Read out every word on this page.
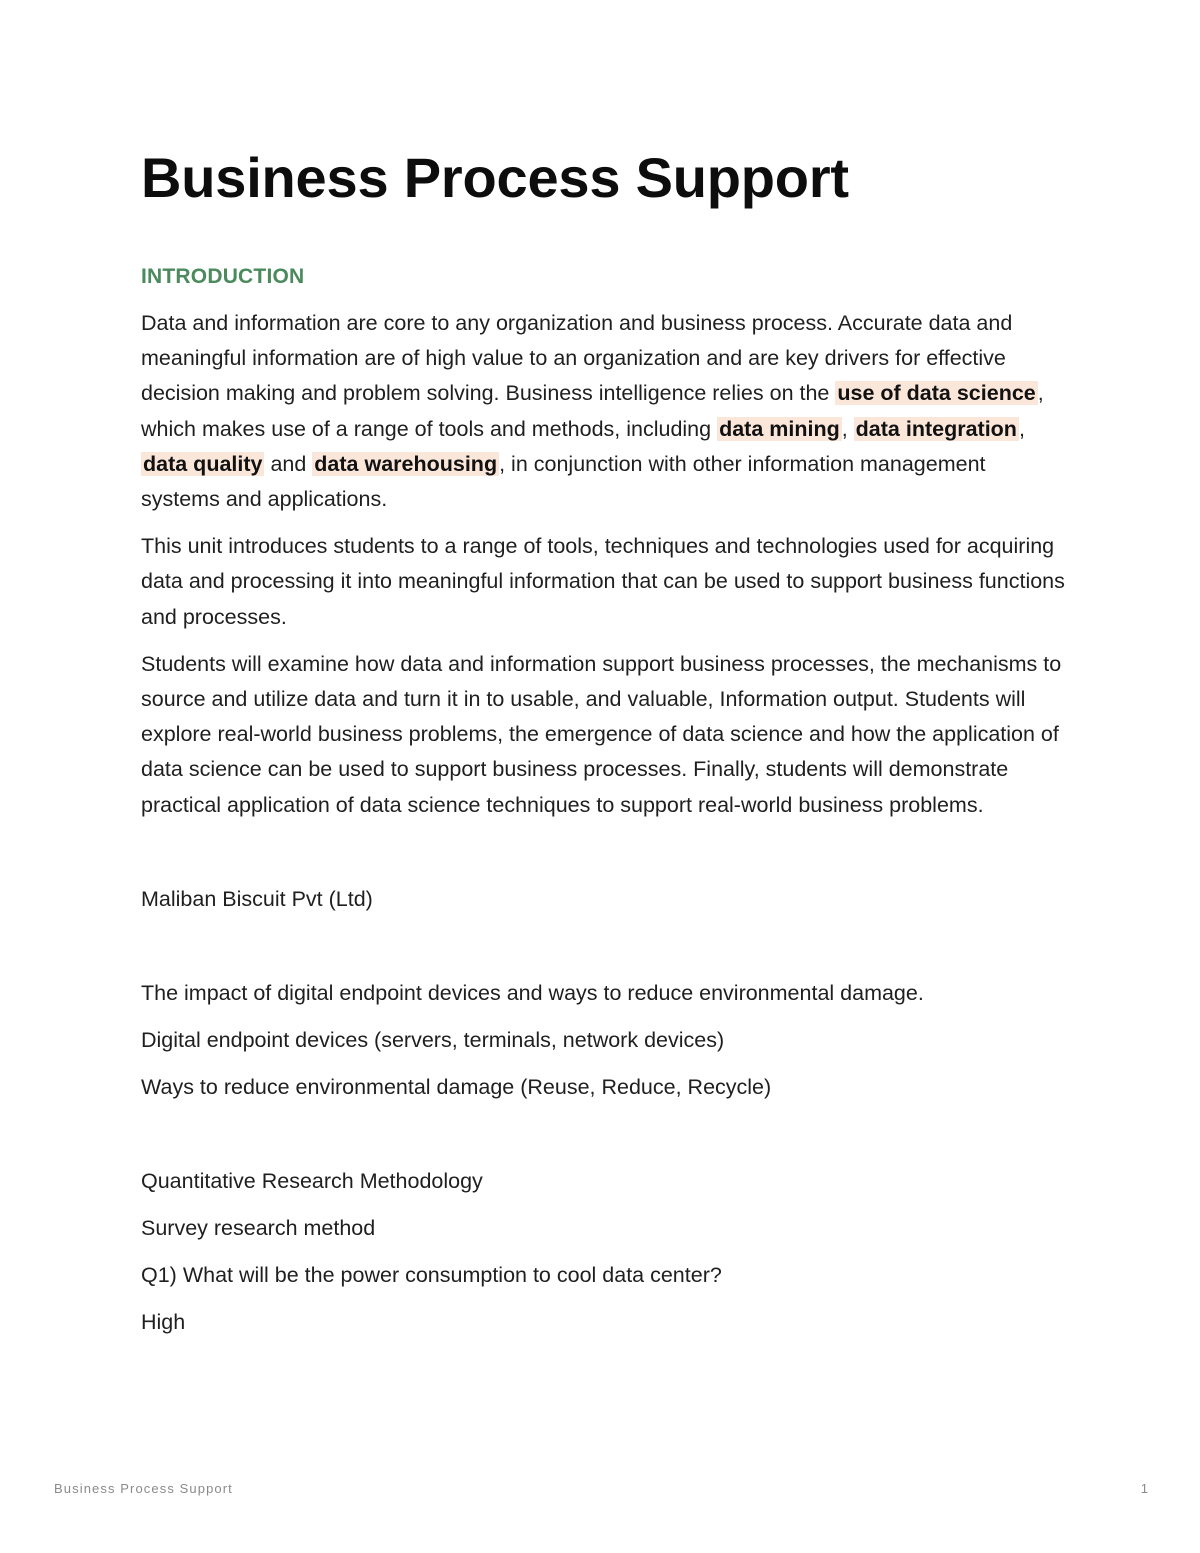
Business Process Support
INTRODUCTION

Data and information are core to any organization and business process. Accurate data and meaningful information are of high value to an organization and are key drivers for effective decision making and problem solving. Business intelligence relies on the use of data science, which makes use of a range of tools and methods, including data mining, data integration, data quality and data warehousing, in conjunction with other information management systems and applications.

This unit introduces students to a range of tools, techniques and technologies used for acquiring data and processing it into meaningful information that can be used to support business functions and processes.

Students will examine how data and information support business processes, the mechanisms to source and utilize data and turn it in to usable, and valuable, Information output. Students will explore real-world business problems, the emergence of data science and how the application of data science can be used to support business processes. Finally, students will demonstrate practical application of data science techniques to support real-world business problems.

Maliban Biscuit Pvt (Ltd)
The impact of digital endpoint devices and ways to reduce environmental damage.
Digital endpoint devices (servers, terminals, network devices)
Ways to reduce environmental damage (Reuse, Reduce, Recycle)
Quantitative Research Methodology
Survey research method
Q1) What will be the power consumption to cool data center?
High
Business Process Support	1
